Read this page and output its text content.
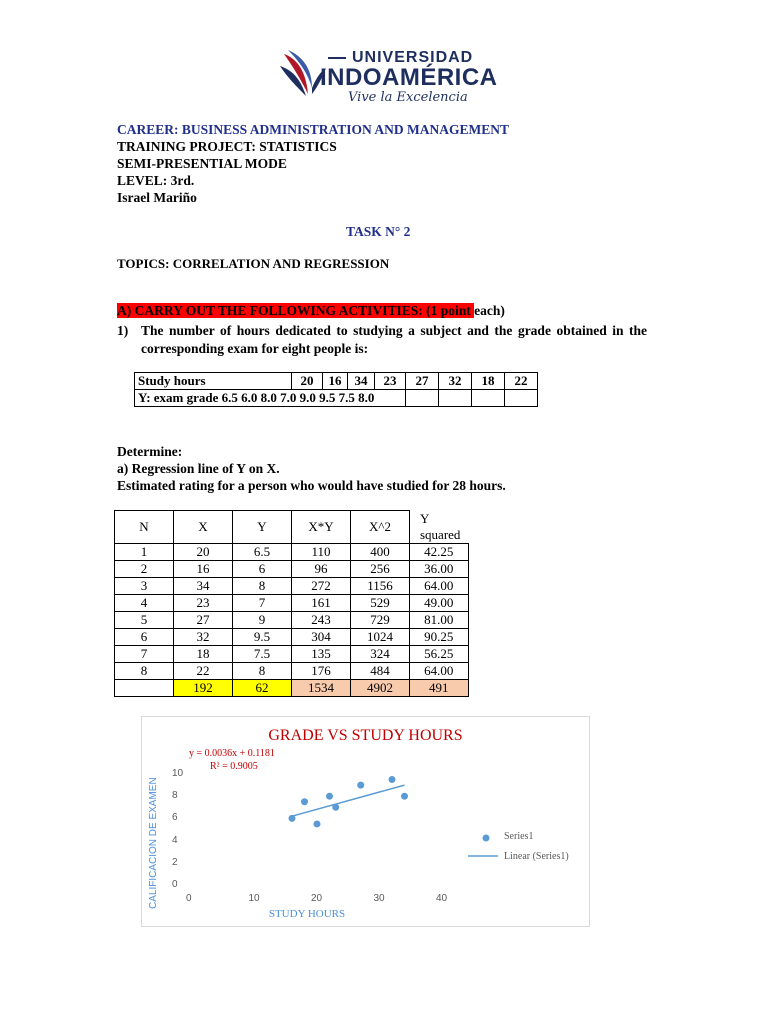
UNIVERSIDAD
INDOAMÉRICA
Vive la Excelencia
CAREER: BUSINESS ADMINISTRATION AND MANAGEMENT
TRAINING PROJECT: STATISTICS
SEMI-PRESENTIAL MODE
LEVEL: 3rd.
Israel Mariño
TASK N° 2
TOPICS: CORRELATION AND REGRESSION
A) CARRY OUT THE FOLLOWING ACTIVITIES: (1 point each)
1) The number of hours dedicated to studying a subject and the grade obtained in the corresponding exam for eight people is:
Study hours	20	16	34	23	27	32	18	22
Y: exam grade 6.5 6.0 8.0 7.0 9.0 9.5 7.5 8.0								
Determine:
a) Regression line of Y on X.
Estimated rating for a person who would have studied for 28 hours.
N	X	Y	X*Y	X^2	Y squared
1	20	6.5	110	400	42.25
2	16	6	96	256	36.00
3	34	8	272	1156	64.00
4	23	7	161	529	49.00
5	27	9	243	729	81.00
6	32	9.5	304	1024	90.25
7	18	7.5	135	324	56.25
8	22	8	176	484	64.00
	192	62	1534	4902	491
GRADE VS STUDY HOURS
y = 0.0036x + 0.1181
R² = 0.9005
CALIFICACION DE EXAMEN
STUDY HOURS
Series1
Linear (Series1)
0	10	20	30	40
0
2
4
6
8
10
